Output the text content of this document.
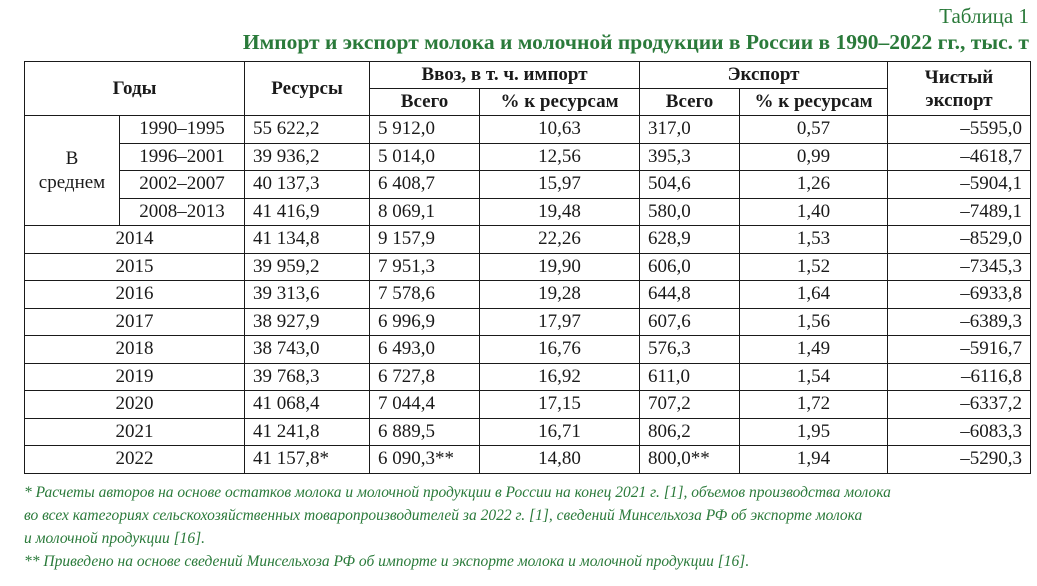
Таблица 1
Импорт и экспорт молока и молочной продукции в России в 1990–2022 гг., тыс. т
Годы		Ресурсы	Ввоз, в т. ч. импорт		Экспорт		Чистый экспорт
			Всего	% к ресурсам	Всего	% к ресурсам	
В среднем	1990–1995	55 622,2	5 912,0	10,63	317,0	0,57	–5595,0
	1996–2001	39 936,2	5 014,0	12,56	395,3	0,99	–4618,7
	2002–2007	40 137,3	6 408,7	15,97	504,6	1,26	–5904,1
	2008–2013	41 416,9	8 069,1	19,48	580,0	1,40	–7489,1
2014		41 134,8	9 157,9	22,26	628,9	1,53	–8529,0
2015		39 959,2	7 951,3	19,90	606,0	1,52	–7345,3
2016		39 313,6	7 578,6	19,28	644,8	1,64	–6933,8
2017		38 927,9	6 996,9	17,97	607,6	1,56	–6389,3
2018		38 743,0	6 493,0	16,76	576,3	1,49	–5916,7
2019		39 768,3	6 727,8	16,92	611,0	1,54	–6116,8
2020		41 068,4	7 044,4	17,15	707,2	1,72	–6337,2
2021		41 241,8	6 889,5	16,71	806,2	1,95	–6083,3
2022		41 157,8*	6 090,3**	14,80	800,0**	1,94	–5290,3

* Расчеты авторов на основе остатков молока и молочной продукции в России на конец 2021 г. [1], объемов производства молока

во всех категориях сельскохозяйственных товаропроизводителей за 2022 г. [1], сведений Минсельхоза РФ об экспорте молока

и молочной продукции [16].

** Приведено на основе сведений Минсельхоза РФ об импорте и экспорте молока и молочной продукции [16].
